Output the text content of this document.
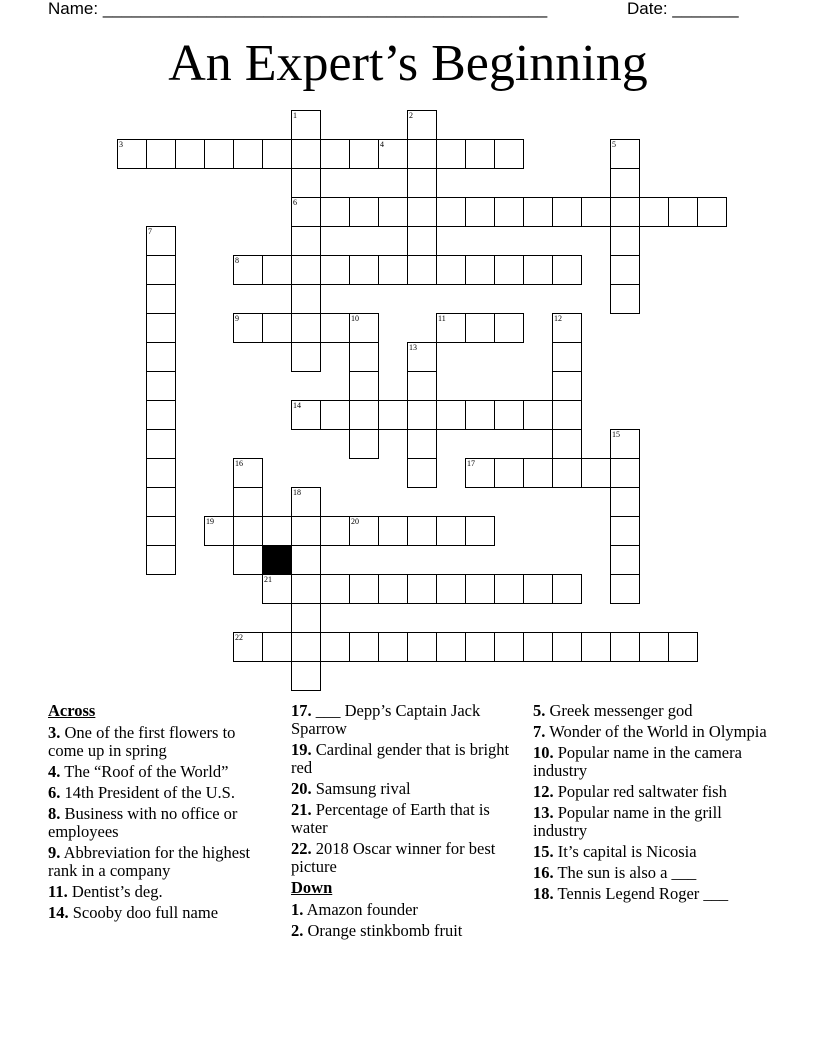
Name: _______________________________________________

	Date: _______

An Expert’s Beginning
3	4
6
8
9	11
14
17
19	20
21
22
1	2
5
7
10	12
13
15
16
18
Across
3. One of the first flowers to come up in spring
4. The “Roof of the World”
6. 14th President of the U.S.
8. Business with no office or employees
9. Abbreviation for the highest rank in a company
11. Dentist’s deg.
14. Scooby doo full name
17. ___ Depp’s Captain Jack Sparrow
19. Cardinal gender that is bright red
20. Samsung rival
21. Percentage of Earth that is water
22. 2018 Oscar winner for best picture
Down
1. Amazon founder
2. Orange stinkbomb fruit
5. Greek messenger god
7. Wonder of the World in Olympia
10. Popular name in the camera industry
12. Popular red saltwater fish
13. Popular name in the grill industry
15. It’s capital is Nicosia
16. The sun is also a ___
18. Tennis Legend Roger ___
